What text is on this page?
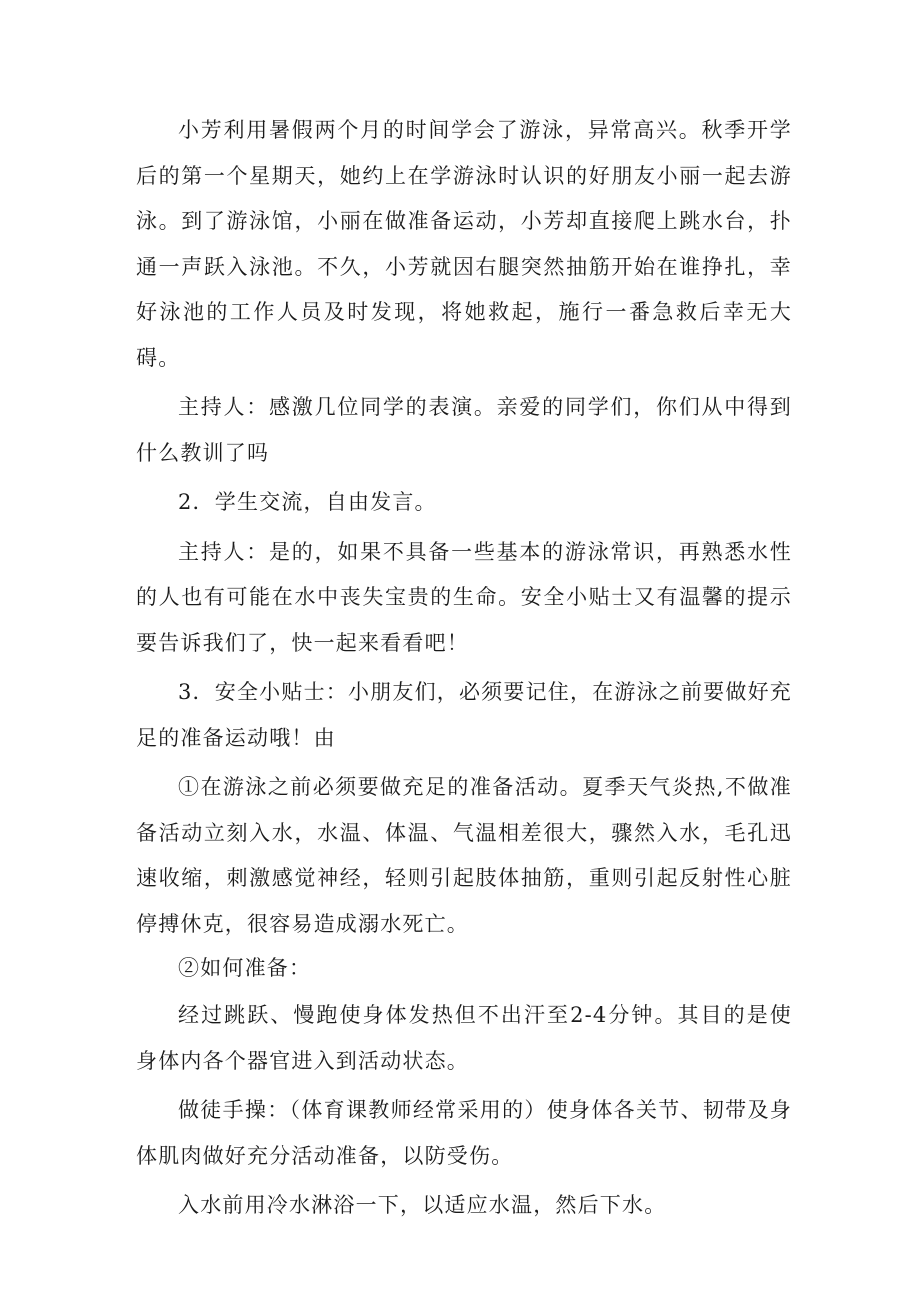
小芳利用暑假两个月的时间学会了游泳，异常高兴。秋季开学后的第一个星期天，她约上在学游泳时认识的好朋友小丽一起去游泳。到了游泳馆，小丽在做准备运动，小芳却直接爬上跳水台，扑通一声跃入泳池。不久，小芳就因右腿突然抽筋开始在谁挣扎，幸好泳池的工作人员及时发现，将她救起，施行一番急救后幸无大碍。

主持人：感激几位同学的表演。亲爱的同学们，你们从中得到什么教训了吗

2．学生交流，自由发言。

主持人：是的，如果不具备一些基本的游泳常识，再熟悉水性的人也有可能在水中丧失宝贵的生命。安全小贴士又有温馨的提示要告诉我们了，快一起来看看吧！

3．安全小贴士：小朋友们，必须要记住，在游泳之前要做好充足的准备运动哦！由

①在游泳之前必须要做充足的准备活动。夏季天气炎热,不做准备活动立刻入水，水温、体温、气温相差很大，骤然入水，毛孔迅速收缩，刺激感觉神经，轻则引起肢体抽筋，重则引起反射性心脏停搏休克，很容易造成溺水死亡。

②如何准备：

经过跳跃、慢跑使身体发热但不出汗至2-4分钟。其目的是使身体内各个器官进入到活动状态。

做徒手操：（体育课教师经常采用的）使身体各关节、韧带及身体肌肉做好充分活动准备，以防受伤。

入水前用冷水淋浴一下，以适应水温，然后下水。
